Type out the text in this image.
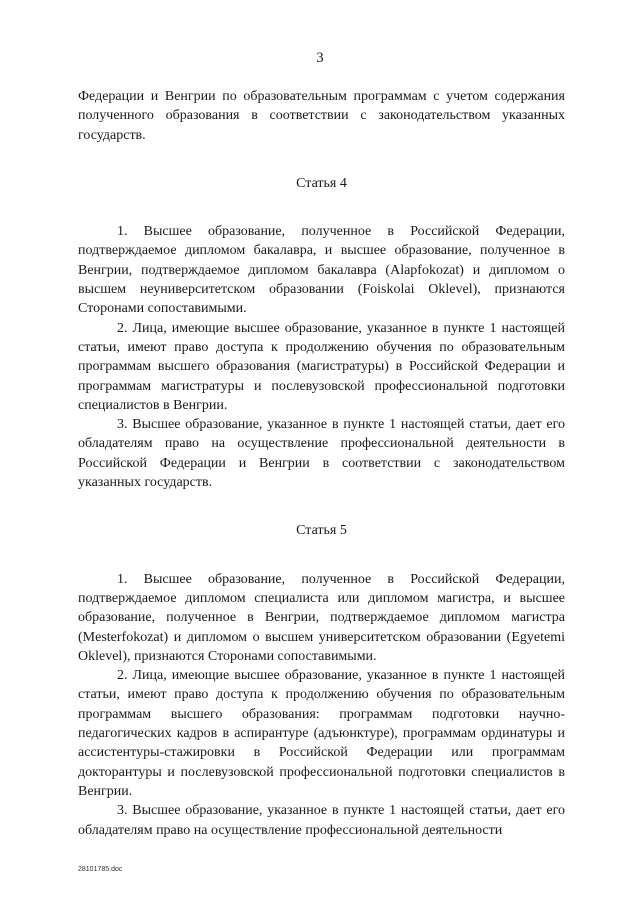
3

Федерации и Венгрии по образовательным программам с учетом содержания полученного образования в соответствии с законодательством указанных государств.

Статья 4

1. Высшее образование, полученное в Российской Федерации, подтверждаемое дипломом бакалавра, и высшее образование, полученное в Венгрии, подтверждаемое дипломом бакалавра (Alapfokozat) и дипломом о высшем неуниверситетском образовании (Foiskolai Oklevel), признаются Сторонами сопоставимыми.

2. Лица, имеющие высшее образование, указанное в пункте 1 настоящей статьи, имеют право доступа к продолжению обучения по образовательным программам высшего образования (магистратуры) в Российской Федерации и программам магистратуры и послевузовской профессиональной подготовки специалистов в Венгрии.

3. Высшее образование, указанное в пункте 1 настоящей статьи, дает его обладателям право на осуществление профессиональной деятельности в Российской Федерации и Венгрии в соответствии с законодательством указанных государств.

Статья 5

1. Высшее образование, полученное в Российской Федерации, подтверждаемое дипломом специалиста или дипломом магистра, и высшее образование, полученное в Венгрии, подтверждаемое дипломом магистра (Mesterfokozat) и дипломом о высшем университетском образовании (Egyetemi Oklevel), признаются Сторонами сопоставимыми.

2. Лица, имеющие высшее образование, указанное в пункте 1 настоящей статьи, имеют право доступа к продолжению обучения по образовательным программам высшего образования: программам подготовки научно-педагогических кадров в аспирантуре (адъюнктуре), программам ординатуры и ассистентуры-стажировки в Российской Федерации или программам докторантуры и послевузовской профессиональной подготовки специалистов в Венгрии.

3. Высшее образование, указанное в пункте 1 настоящей статьи, дает его обладателям право на осуществление профессиональной деятельности

28101785.doc
